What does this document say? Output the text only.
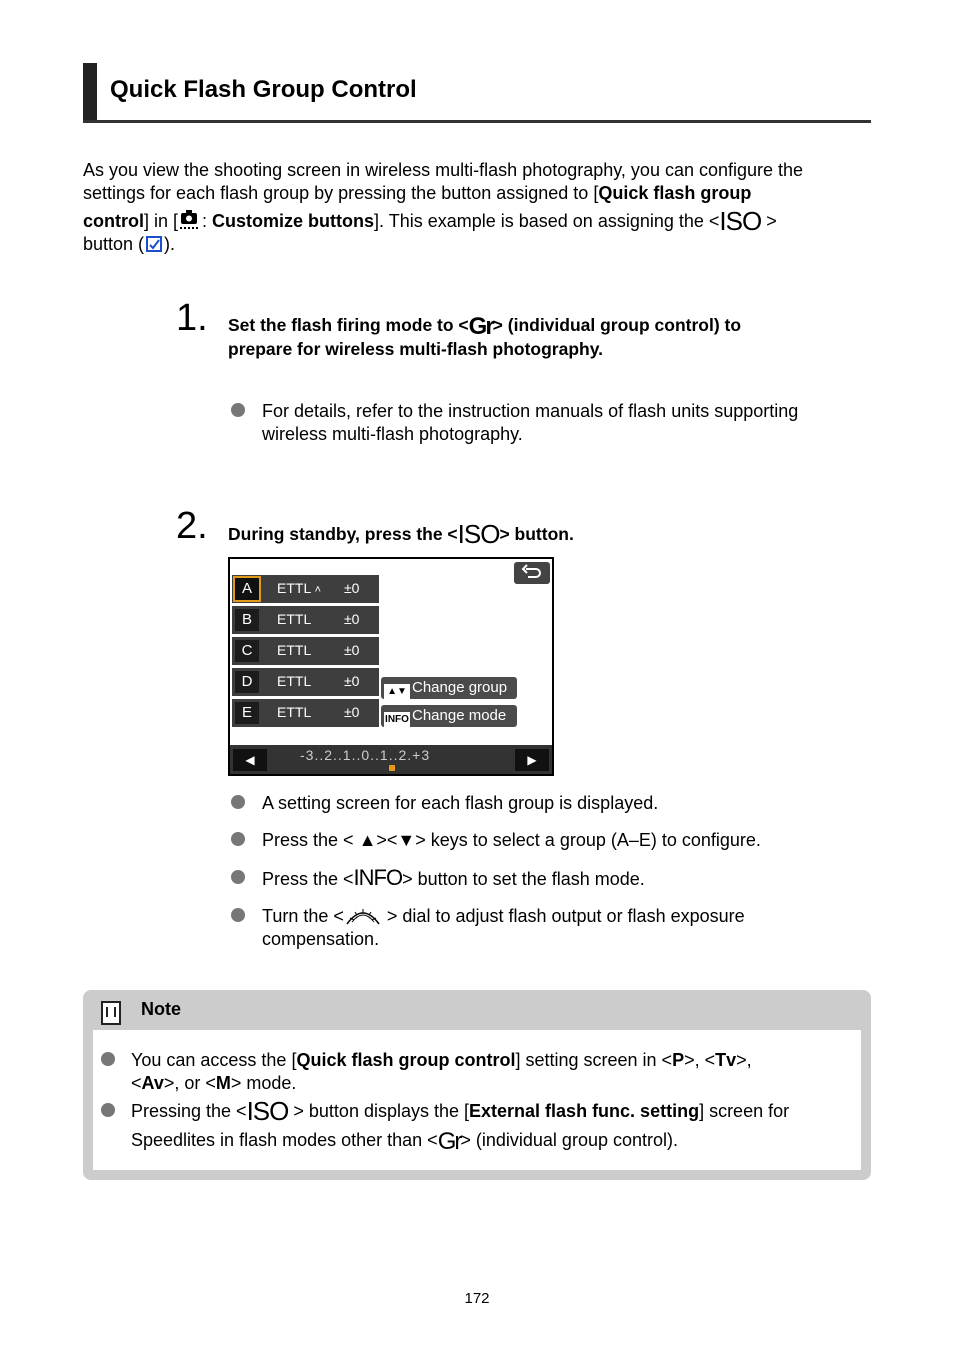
Quick Flash Group Control
As you view the shooting screen in wireless multi-flash photography, you can configure the
settings for each flash group by pressing the button assigned to [Quick flash group
control] in [ : Customize buttons]. This example is based on assigning the <ISO >
button ( ).
1. Set the flash firing mode to <Gr> (individual group control) to
prepare for wireless multi-flash photography.
For details, refer to the instruction manuals of flash units supporting
wireless multi-flash photography.
2. During standby, press the <ISO> button.
A	ETTL ˄ ±0
B	ETTL ±0
C	ETTL ±0
D	ETTL ±0
E	ETTL ±0
▲▼ Change group
INFO Change mode
◀	-3..2..1..0..1..2.+3	▶
A setting screen for each flash group is displayed.
Press the < ▲><▼> keys to select a group (A–E) to configure.
Press the <INFO> button to set the flash mode.
Turn the < > dial to adjust flash output or flash exposure
compensation.
Note
You can access the [Quick flash group control] setting screen in <P>, <Tv>,
<Av>, or <M> mode.
Pressing the <ISO > button displays the [External flash func. setting] screen for
Speedlites in flash modes other than <Gr> (individual group control).
172
